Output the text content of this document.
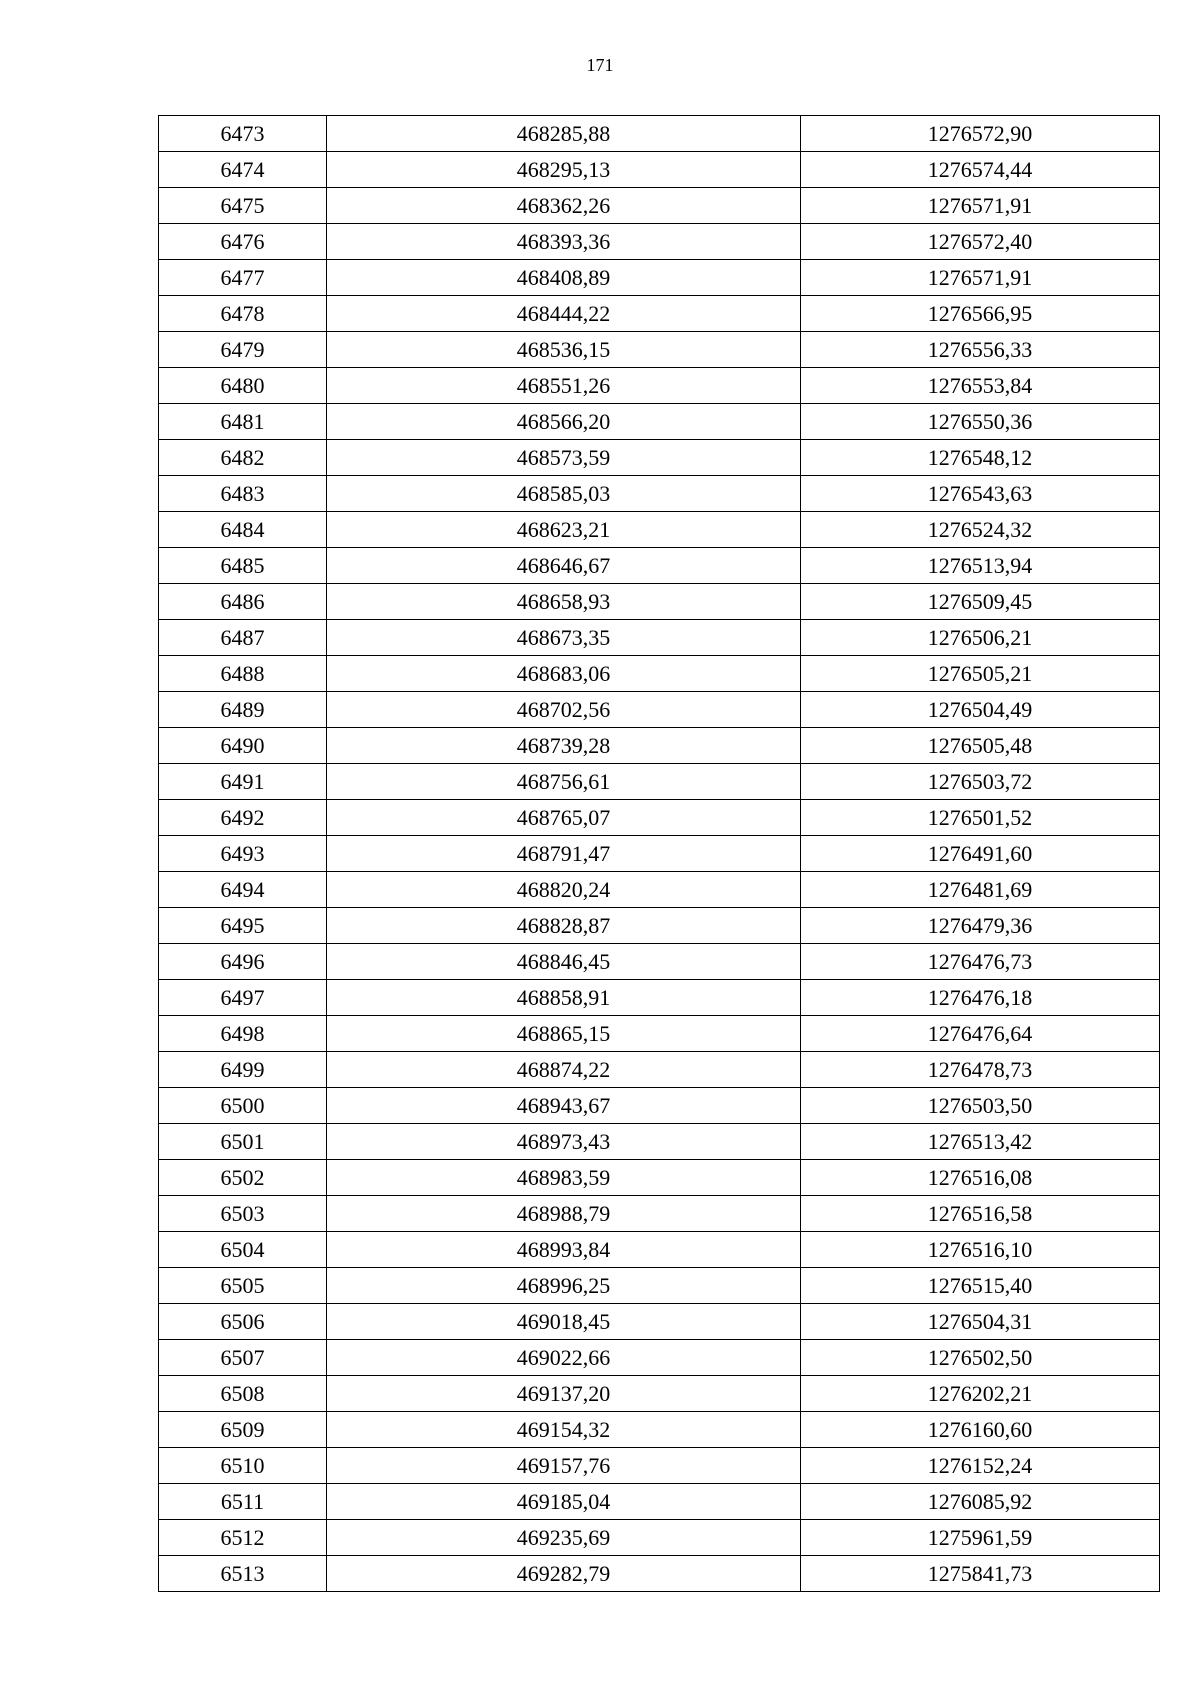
171
6473	468285,88	1276572,90
6474	468295,13	1276574,44
6475	468362,26	1276571,91
6476	468393,36	1276572,40
6477	468408,89	1276571,91
6478	468444,22	1276566,95
6479	468536,15	1276556,33
6480	468551,26	1276553,84
6481	468566,20	1276550,36
6482	468573,59	1276548,12
6483	468585,03	1276543,63
6484	468623,21	1276524,32
6485	468646,67	1276513,94
6486	468658,93	1276509,45
6487	468673,35	1276506,21
6488	468683,06	1276505,21
6489	468702,56	1276504,49
6490	468739,28	1276505,48
6491	468756,61	1276503,72
6492	468765,07	1276501,52
6493	468791,47	1276491,60
6494	468820,24	1276481,69
6495	468828,87	1276479,36
6496	468846,45	1276476,73
6497	468858,91	1276476,18
6498	468865,15	1276476,64
6499	468874,22	1276478,73
6500	468943,67	1276503,50
6501	468973,43	1276513,42
6502	468983,59	1276516,08
6503	468988,79	1276516,58
6504	468993,84	1276516,10
6505	468996,25	1276515,40
6506	469018,45	1276504,31
6507	469022,66	1276502,50
6508	469137,20	1276202,21
6509	469154,32	1276160,60
6510	469157,76	1276152,24
6511	469185,04	1276085,92
6512	469235,69	1275961,59
6513	469282,79	1275841,73
